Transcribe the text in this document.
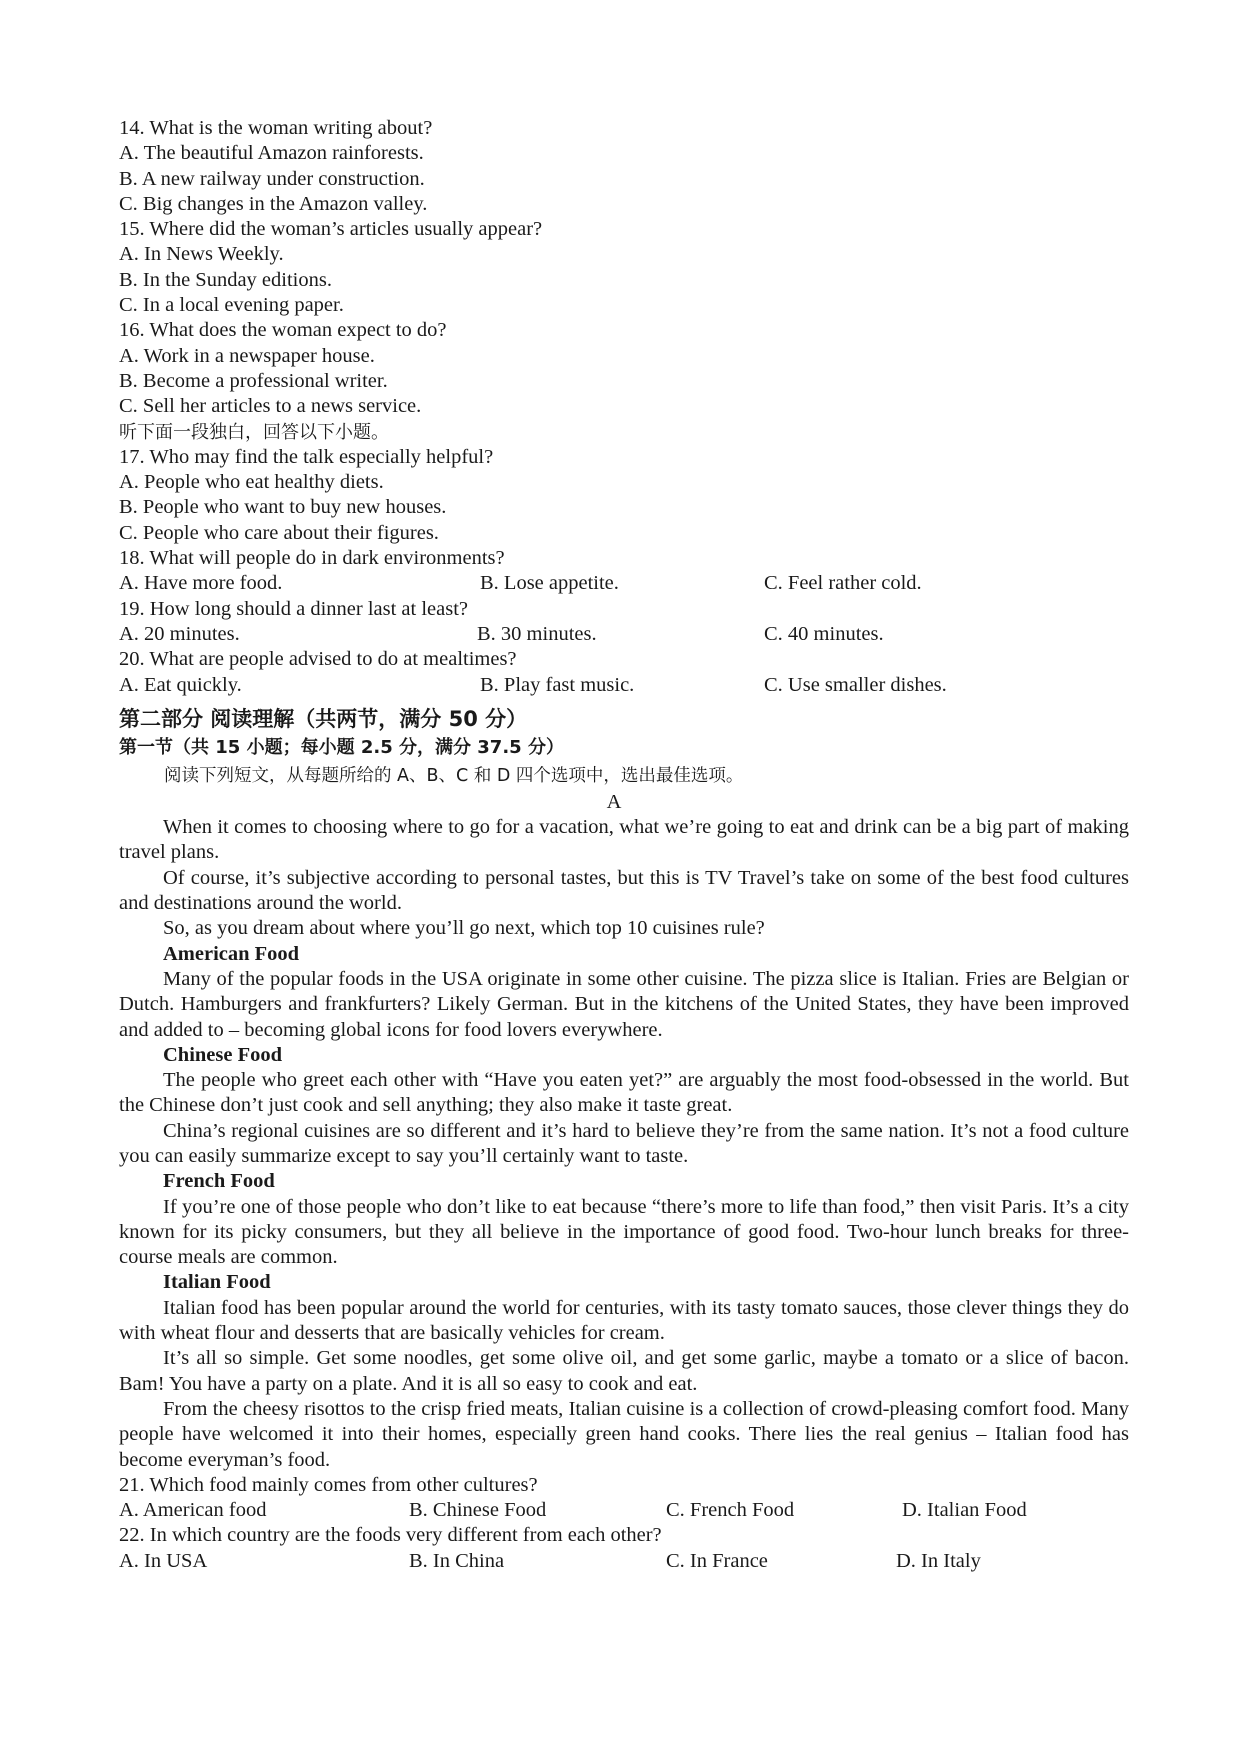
14. What is the woman writing about?
A. The beautiful Amazon rainforests.
B. A new railway under construction.
C. Big changes in the Amazon valley.
15. Where did the woman’s articles usually appear?
A. In News Weekly.
B. In the Sunday editions.
C. In a local evening paper.
16. What does the woman expect to do?
A. Work in a newspaper house.
B. Become a professional writer.
C. Sell her articles to a news service.
听下面一段独白，回答以下小题。
17. Who may find the talk especially helpful?
A. People who eat healthy diets.
B. People who want to buy new houses.
C. People who care about their figures.
18. What will people do in dark environments?
A. Have more food.	B. Lose appetite.	C. Feel rather cold.
19. How long should a dinner last at least?
A. 20 minutes.	B. 30 minutes.	C. 40 minutes.
20. What are people advised to do at mealtimes?
A. Eat quickly.	B. Play fast music.	C. Use smaller dishes.
第二部分 阅读理解（共两节，满分 50 分）
第一节（共 15 小题；每小题 2.5 分，满分 37.5 分）
阅读下列短文，从每题所给的 A、B、C 和 D 四个选项中，选出最佳选项。
A

When it comes to choosing where to go for a vacation, what we’re going to eat and drink can be a big part of making travel plans.

Of course, it’s subjective according to personal tastes, but this is TV Travel’s take on some of the best food cultures and destinations around the world.

So, as you dream about where you’ll go next, which top 10 cuisines rule?

American Food

Many of the popular foods in the USA originate in some other cuisine. The pizza slice is Italian. Fries are Belgian or Dutch. Hamburgers and frankfurters? Likely German. But in the kitchens of the United States, they have been improved and added to – becoming global icons for food lovers everywhere.

Chinese Food

The people who greet each other with “Have you eaten yet?” are arguably the most food-obsessed in the world. But the Chinese don’t just cook and sell anything; they also make it taste great.

China’s regional cuisines are so different and it’s hard to believe they’re from the same nation. It’s not a food culture you can easily summarize except to say you’ll certainly want to taste.

French Food

If you’re one of those people who don’t like to eat because “there’s more to life than food,” then visit Paris. It’s a city known for its picky consumers, but they all believe in the importance of good food. Two-hour lunch breaks for three-course meals are common.

Italian Food

Italian food has been popular around the world for centuries, with its tasty tomato sauces, those clever things they do with wheat flour and desserts that are basically vehicles for cream.

It’s all so simple. Get some noodles, get some olive oil, and get some garlic, maybe a tomato or a slice of bacon. Bam! You have a party on a plate. And it is all so easy to cook and eat.

From the cheesy risottos to the crisp fried meats, Italian cuisine is a collection of crowd-pleasing comfort food. Many people have welcomed it into their homes, especially green hand cooks. There lies the real genius – Italian food has become everyman’s food.

21. Which food mainly comes from other cultures?
A. American food	B. Chinese Food	C. French Food	D. Italian Food
22. In which country are the foods very different from each other?
A. In USA	B. In China	C. In France	D. In Italy
